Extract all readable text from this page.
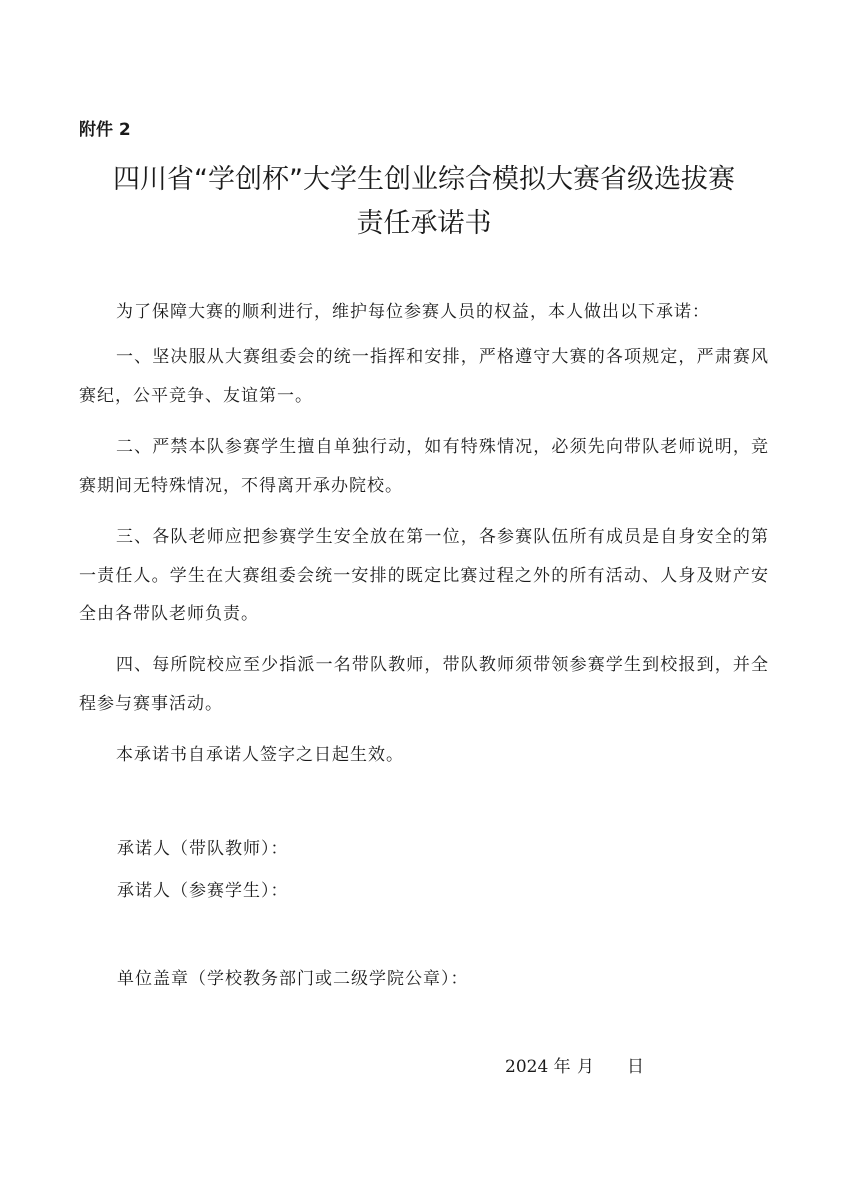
附件 2
四川省“学创杯”大学生创业综合模拟大赛省级选拔赛
责任承诺书

为了保障大赛的顺利进行，维护每位参赛人员的权益，本人做出以下承诺：

一、坚决服从大赛组委会的统一指挥和安排，严格遵守大赛的各项规定，严肃赛风赛纪，公平竞争、友谊第一。

二、严禁本队参赛学生擅自单独行动，如有特殊情况，必须先向带队老师说明，竞赛期间无特殊情况，不得离开承办院校。

三、各队老师应把参赛学生安全放在第一位，各参赛队伍所有成员是自身安全的第一责任人。学生在大赛组委会统一安排的既定比赛过程之外的所有活动、人身及财产安全由各带队老师负责。

四、每所院校应至少指派一名带队教师，带队教师须带领参赛学生到校报到，并全程参与赛事活动。

本承诺书自承诺人签字之日起生效。

承诺人（带队教师）：
承诺人（参赛学生）：
单位盖章（学校教务部门或二级学院公章）：
2024 年 月 日
